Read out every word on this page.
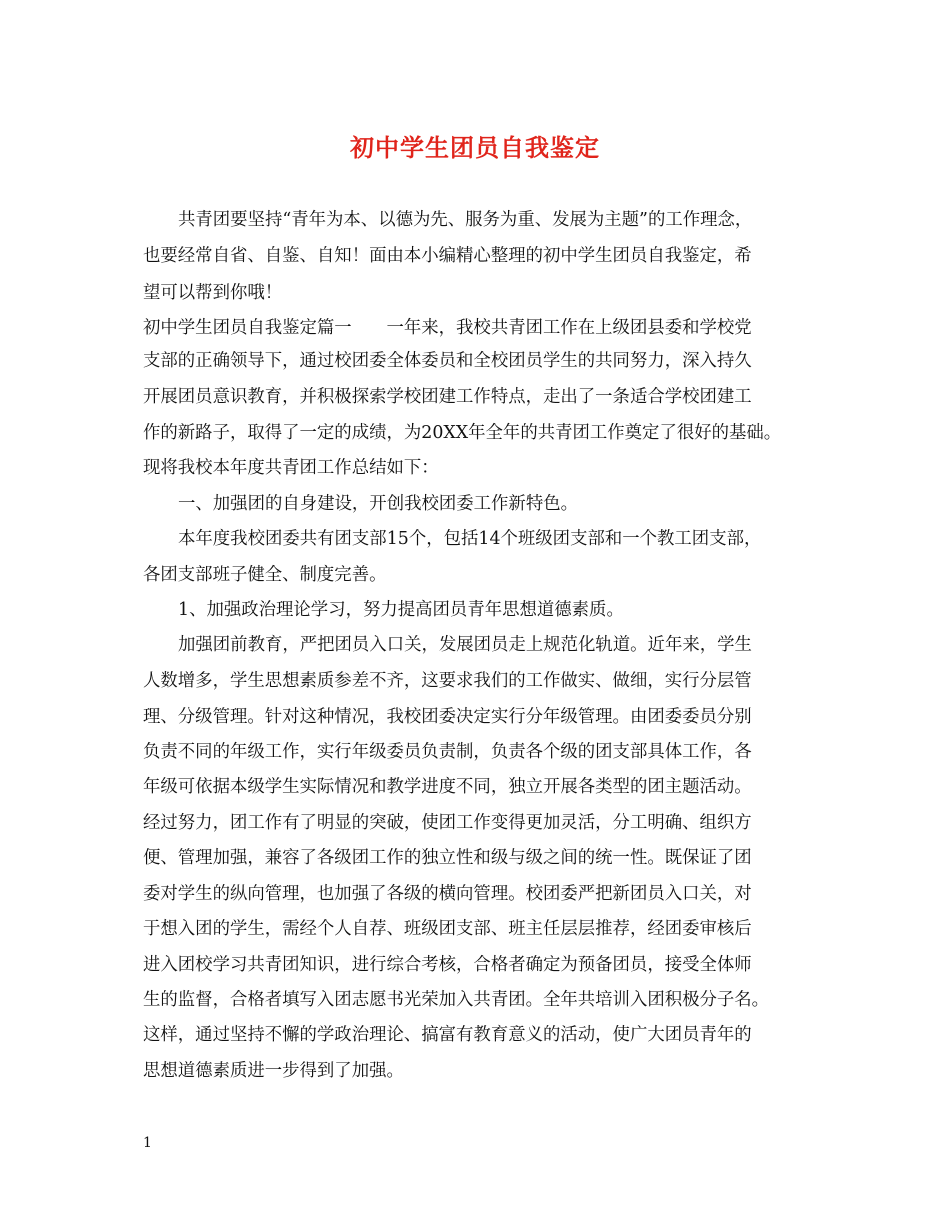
初中学生团员自我鉴定

共青团要坚持“青年为本、以德为先、服务为重、发展为主题”的工作理念，

也要经常自省、自鉴、自知！面由本小编精心整理的初中学生团员自我鉴定，希

望可以帮到你哦！

初中学生团员自我鉴定篇一　　一年来，我校共青团工作在上级团县委和学校党

支部的正确领导下，通过校团委全体委员和全校团员学生的共同努力，深入持久

开展团员意识教育，并积极探索学校团建工作特点，走出了一条适合学校团建工

作的新路子，取得了一定的成绩，为20XX年全年的共青团工作奠定了很好的基础。

现将我校本年度共青团工作总结如下：

一、加强团的自身建设，开创我校团委工作新特色。

本年度我校团委共有团支部15个，包括14个班级团支部和一个教工团支部，

各团支部班子健全、制度完善。

1、加强政治理论学习，努力提高团员青年思想道德素质。

加强团前教育，严把团员入口关，发展团员走上规范化轨道。近年来，学生

人数增多，学生思想素质参差不齐，这要求我们的工作做实、做细，实行分层管

理、分级管理。针对这种情况，我校团委决定实行分年级管理。由团委委员分别

负责不同的年级工作，实行年级委员负责制，负责各个级的团支部具体工作，各

年级可依据本级学生实际情况和教学进度不同，独立开展各类型的团主题活动。

经过努力，团工作有了明显的突破，使团工作变得更加灵活，分工明确、组织方

便、管理加强，兼容了各级团工作的独立性和级与级之间的统一性。既保证了团

委对学生的纵向管理，也加强了各级的横向管理。校团委严把新团员入口关，对

于想入团的学生，需经个人自荐、班级团支部、班主任层层推荐，经团委审核后

进入团校学习共青团知识，进行综合考核，合格者确定为预备团员，接受全体师

生的监督，合格者填写入团志愿书光荣加入共青团。全年共培训入团积极分子名。

这样，通过坚持不懈的学政治理论、搞富有教育意义的活动，使广大团员青年的

思想道德素质进一步得到了加强。

1
